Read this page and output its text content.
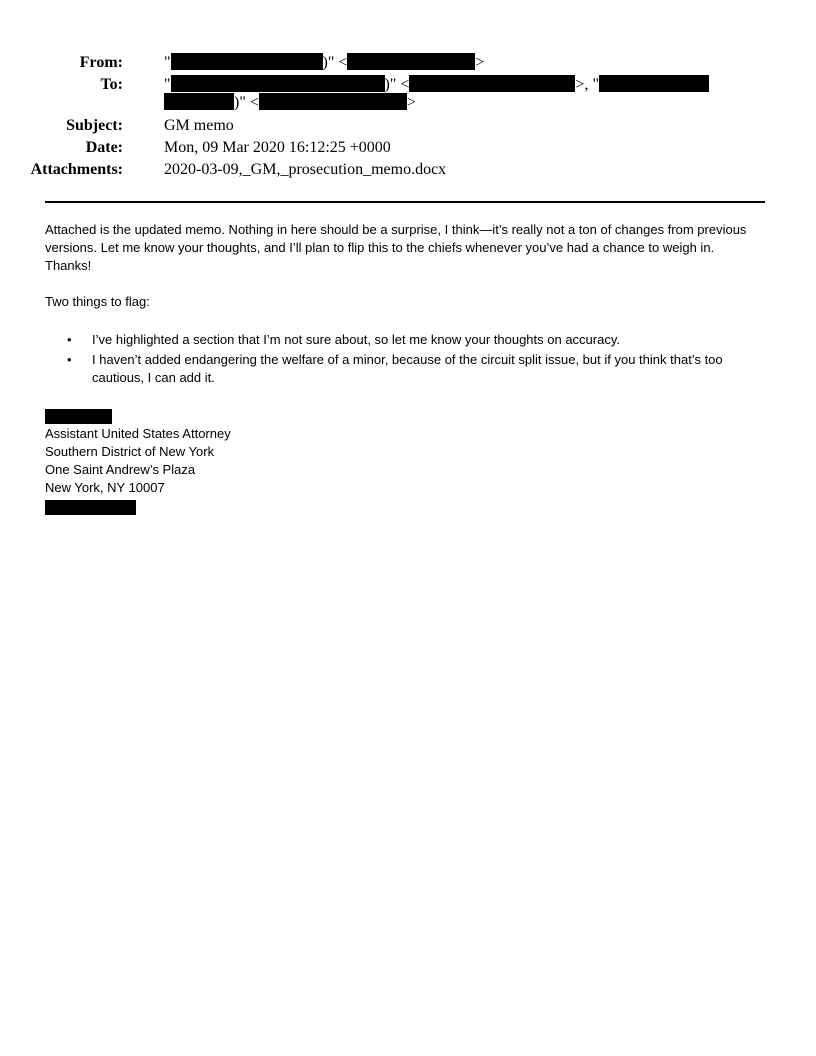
From:	"	)" <	>
To:	"	)" <	>, "
)" <	>
Subject:	GM memo
Date:	Mon, 09 Mar 2020 16:12:25 +0000
Attachments:	2020-03-09,_GM,_prosecution_memo.docx
Attached is the updated memo. Nothing in here should be a surprise, I think—it’s really not a ton of changes from previous versions. Let me know your thoughts, and I’ll plan to flip this to the chiefs whenever you’ve had a chance to weigh in. Thanks!
Two things to flag:
• I’ve highlighted a section that I’m not sure about, so let me know your thoughts on accuracy.
• I haven’t added endangering the welfare of a minor, because of the circuit split issue, but if you think that’s too cautious, I can add it.
Assistant United States Attorney
Southern District of New York
One Saint Andrew’s Plaza
New York, NY 10007
